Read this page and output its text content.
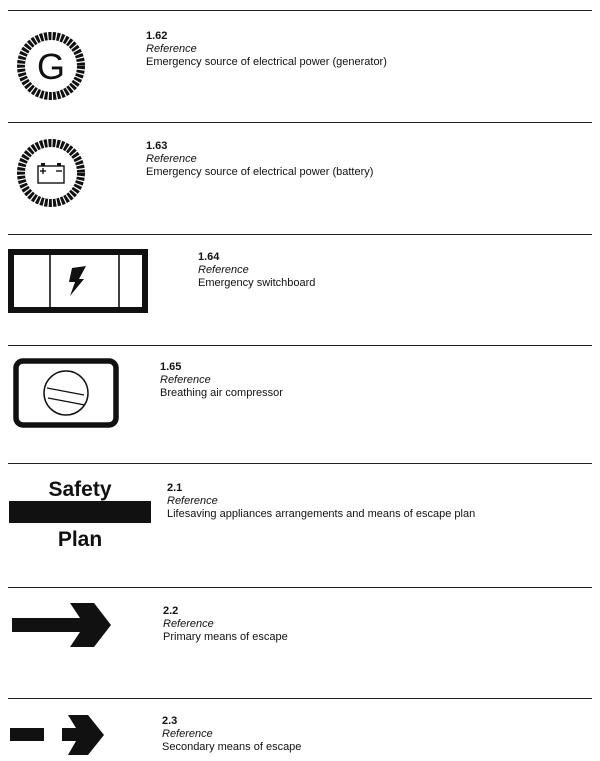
G
1.62
Reference
Emergency source of electrical power (generator)
1.63
Reference
Emergency source of electrical power (battery)
1.64
Reference
Emergency switchboard
1.65
Reference
Breathing air compressor
Safety
Plan
2.1
Reference
Lifesaving appliances arrangements and means of escape plan
2.2
Reference
Primary means of escape
2.3
Reference
Secondary means of escape
